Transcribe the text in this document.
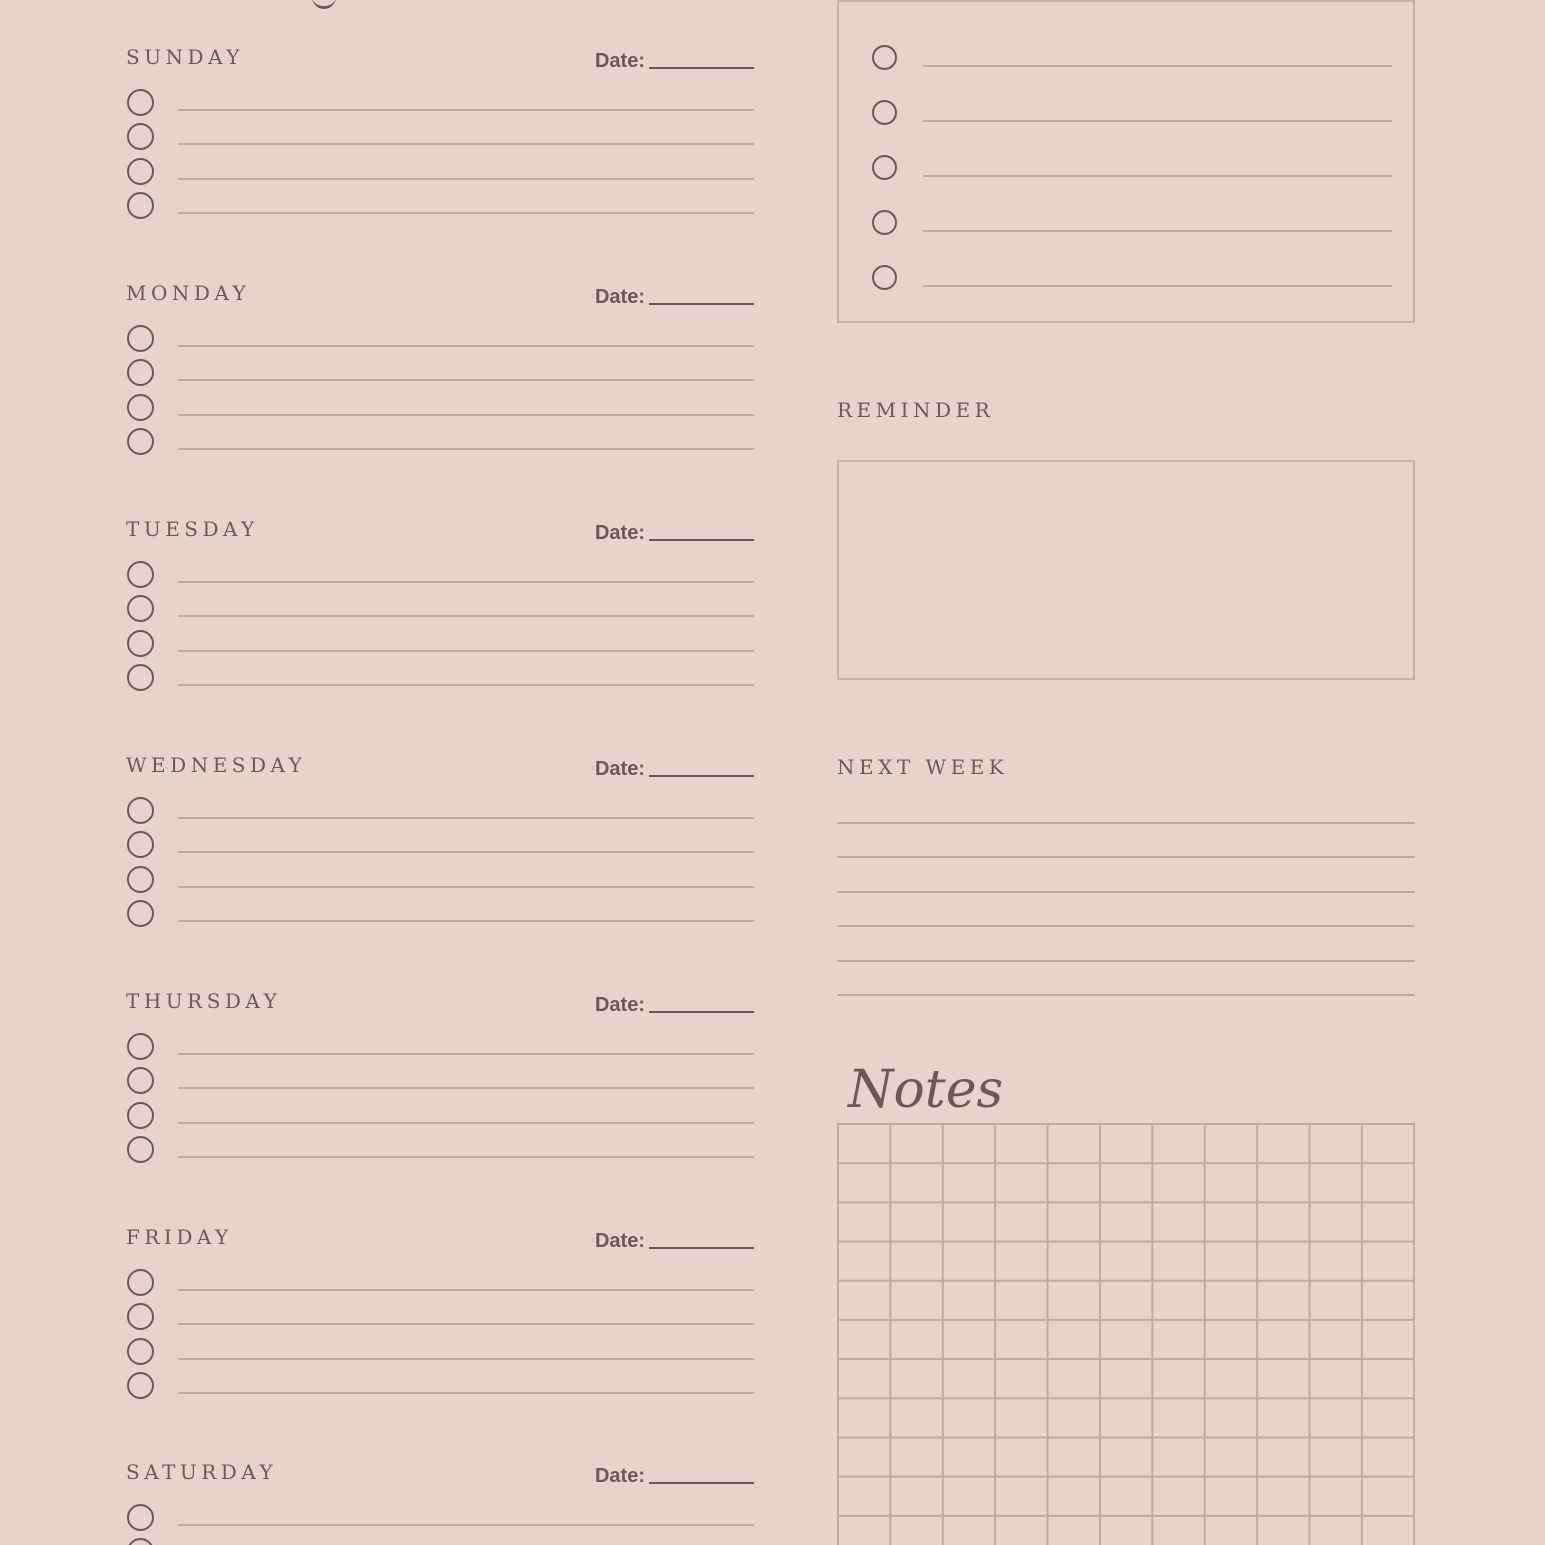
SUNDAY	Date:
MONDAY	Date:
TUESDAY	Date:
WEDNESDAY	Date:
THURSDAY	Date:
FRIDAY	Date:
SATURDAY	Date:
REMINDER
NEXT WEEK
Notes
